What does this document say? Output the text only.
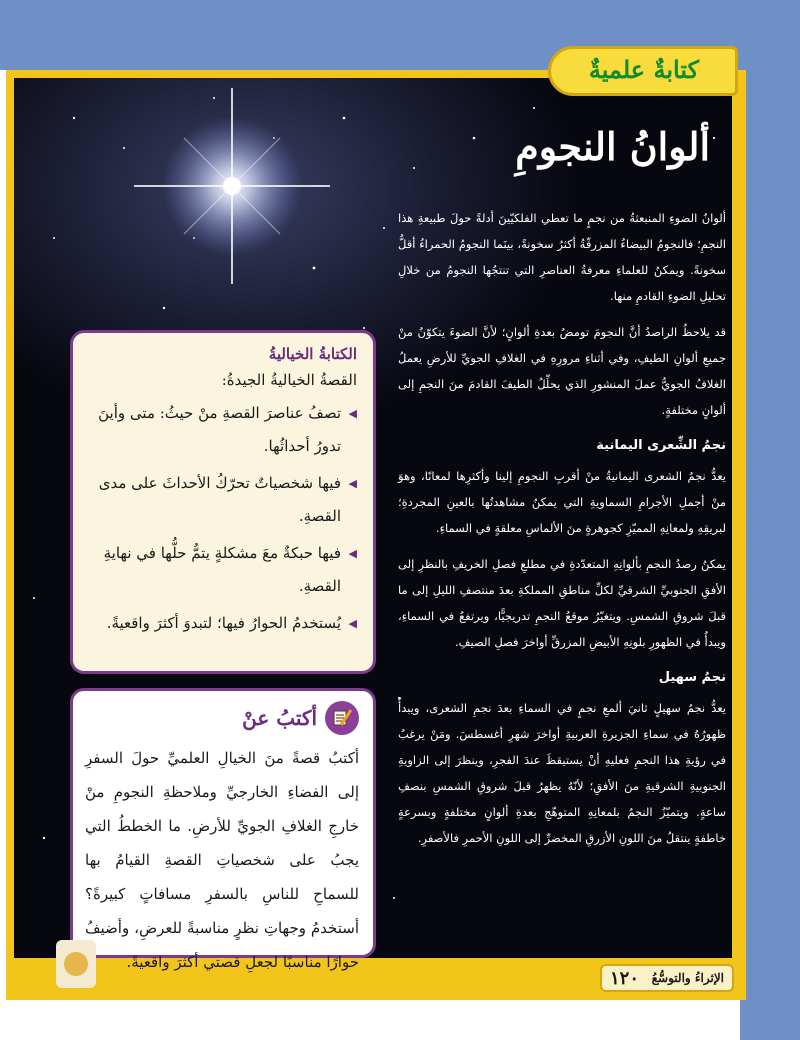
كتابةٌ علميةٌ
ألوانُ النجومِ

ألوانُ الضوءِ المنبعثةُ من نجمٍ ما تعطي الفلكيّينَ أدلةً حولَ طبيعةِ هذا النجمِ؛ فالنجومُ البيضاءُ المزرقّةُ أكثرُ سخونةً، بينَما النجومُ الحمراءُ أقلُّ سخونةً. ويمكنُ للعلماءِ معرفةُ العناصرِ التي تنتجُها النجومُ من خلالِ تحليلِ الضوءِ القادمِ منها.

قد يلاحظُ الراصدُ أنَّ النجومَ تومضُ بعدةِ ألوانٍ؛ لأنَّ الضوءَ يتكوّنُ منْ جميعِ ألوانِ الطيفِ، وفي أثناءِ مرورِهِ في الغلافِ الجويِّ للأرضِ يعملُ الغلافُ الجويُّ عملَ المنشورِ الذي يحلِّلُ الطيفَ القادمَ منَ النجمِ إلى ألوانٍ مختلفةٍ.

نجمُ الشِّعرى اليمانية

يعدُّ نجمُ الشعرى اليمانيةُ منْ أقربِ النجومِ إلينا وأكثرِها لمعانًا، وهوَ منْ أجملِ الأجرامِ السماويةِ التي يمكنُ مشاهدتُها بالعينِ المجردةِ؛ لبريقِهِ ولمعانِهِ المميّزِ كجوهرةٍ منَ الألماسِ معلقةٍ في السماءِ.

يمكنُ رصدُ النجمِ بألوانِهِ المتعدّدةِ في مطلعِ فصلِ الخريفِ بالنظرِ إلى الأفقِ الجنوبيِّ الشرقيِّ لكلِّ مناطقِ المملكةِ بعدَ منتصفِ الليلِ إلى ما قبلَ شروقِ الشمسِ. ويتغيّرُ موقعُ النجمِ تدريجيًّا، ويرتفعُ في السماءِ، ويبدأُ في الظهورِ بلونِهِ الأبيضِ المزرقِّ أواخرَ فصلِ الصيفِ.

نجمُ سهيل

يعدُّ نجمُ سهيلٍ ثانيَ ألمعِ نجمٍ في السماءِ بعدَ نجمِ الشعرى، ويبدأُ ظهورُهُ في سماءِ الجزيرةِ العربيةِ أواخرَ شهرِ أغسطسَ. ومَنْ يرغبُ في رؤيةِ هذا النجمِ فعليهِ أنْ يستيقظَ عندَ الفجرِ، وينظرَ إلى الزاويةِ الجنوبيةِ الشرقيةِ منَ الأفقِ؛ لأنّهُ يظهرُ قبلَ شروقِ الشمسِ بنصفِ ساعةٍ. ويتميّزُ النجمُ بلمعانِهِ المتوهّجِ بعدةِ ألوانٍ مختلفةٍ وبسرعةٍ خاطفةٍ ينتقلُ منَ اللونِ الأزرقِ المخضرِّ إلى اللونِ الأحمرِ فالأصفرِ.

الكتابةُ الخياليةُ

القصةُ الخياليةُ الجيدةُ:

◀
تصفُ عناصرَ القصةِ منْ حيثُ: متى وأينَ تدورُ أحداثُها.
◀
فيها شخصياتٌ تحرّكُ الأحداثَ على مدى القصةِ.
◀
فيها حبكةٌ معَ مشكلةٍ يتمُّ حلُّها في نهايةِ القصةِ.
◀
يُستخدمُ الحوارُ فيها؛ لتبدوَ أكثرَ واقعيةً.
أكتبُ عنْ
أكتبُ قصةً منَ الخيالِ العلميِّ حولَ السفرِ إلى الفضاءِ الخارجيِّ وملاحظةِ النجومِ منْ خارجِ الغلافِ الجويِّ للأرضِ. ما الخططُ التي يجبُ على شخصياتِ القصةِ القيامُ بها للسماحِ للناسِ بالسفرِ مسافاتٍ كبيرةً؟ أستخدمُ وجهاتِ نظرٍ مناسبةً للعرضِ، وأضيفُ حوارًا مناسبًا لجعلِ قصتي أكثرَ واقعيةً.
الإثراءُ والتوسُّعُ
١٢٠
